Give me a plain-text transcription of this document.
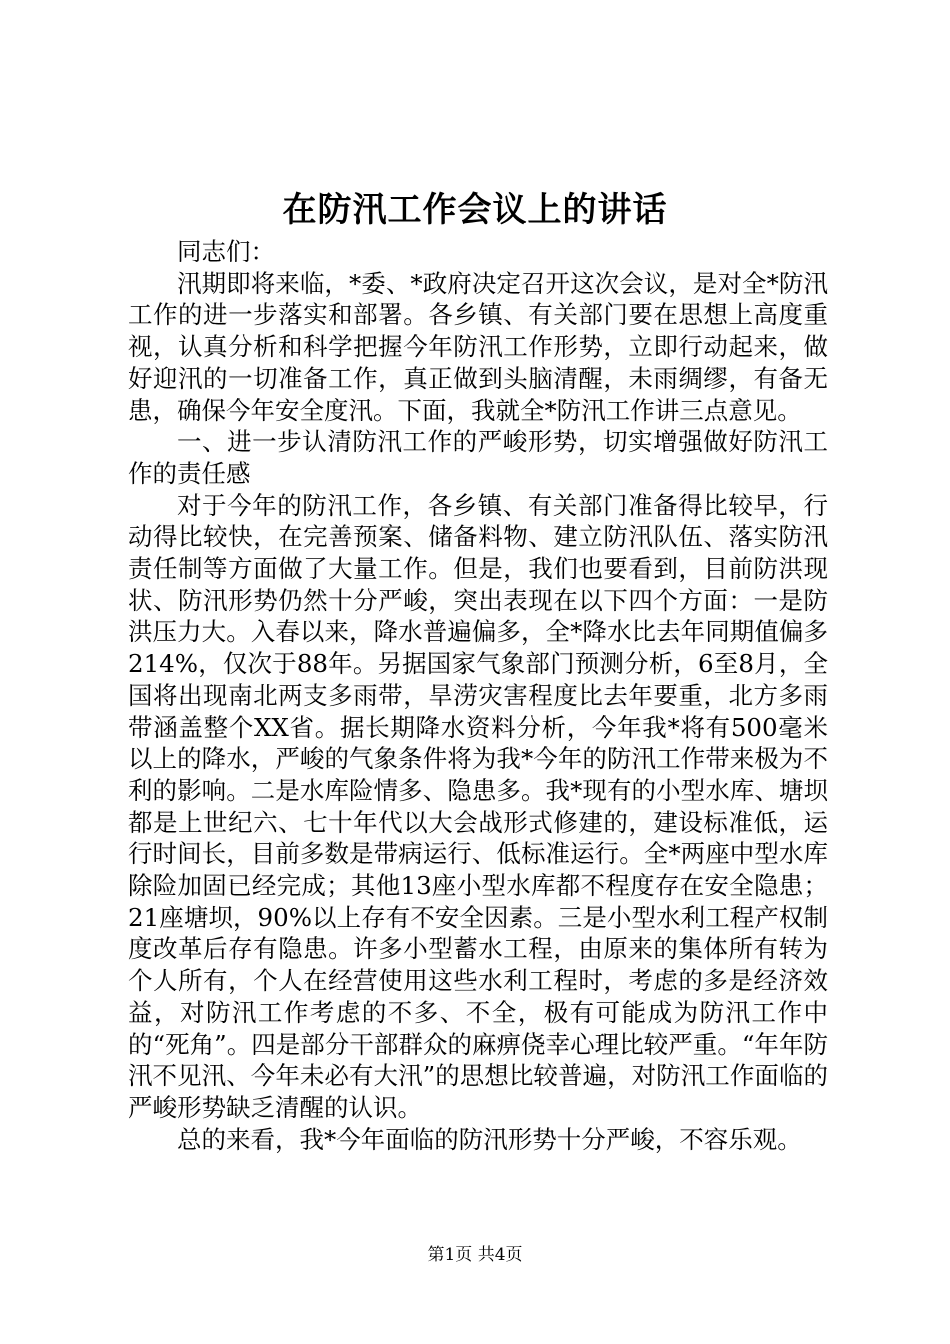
在防汛工作会议上的讲话

同志们：

汛期即将来临，*委、*政府决定召开这次会议，是对全*防汛工作的进一步落实和部署。各乡镇、有关部门要在思想上高度重视，认真分析和科学把握今年防汛工作形势，立即行动起来，做好迎汛的一切准备工作，真正做到头脑清醒，未雨绸缪，有备无患，确保今年安全度汛。下面，我就全*防汛工作讲三点意见。

一、进一步认清防汛工作的严峻形势，切实增强做好防汛工作的责任感

对于今年的防汛工作，各乡镇、有关部门准备得比较早，行动得比较快，在完善预案、储备料物、建立防汛队伍、落实防汛责任制等方面做了大量工作。但是，我们也要看到，目前防洪现状、防汛形势仍然十分严峻，突出表现在以下四个方面：一是防洪压力大。入春以来，降水普遍偏多，全*降水比去年同期值偏多214%，仅次于88年。另据国家气象部门预测分析，6至8月，全国将出现南北两支多雨带，旱涝灾害程度比去年要重，北方多雨带涵盖整个XX省。据长期降水资料分析，今年我*将有500毫米以上的降水，严峻的气象条件将为我*今年的防汛工作带来极为不利的影响。二是水库险情多、隐患多。我*现有的小型水库、塘坝都是上世纪六、七十年代以大会战形式修建的，建设标准低，运行时间长，目前多数是带病运行、低标准运行。全*两座中型水库除险加固已经完成；其他13座小型水库都不程度存在安全隐患；21座塘坝，90%以上存有不安全因素。三是小型水利工程产权制度改革后存有隐患。许多小型蓄水工程，由原来的集体所有转为个人所有，个人在经营使用这些水利工程时，考虑的多是经济效益，对防汛工作考虑的不多、不全，极有可能成为防汛工作中的“死角”。四是部分干部群众的麻痹侥幸心理比较严重。“年年防汛不见汛、今年未必有大汛”的思想比较普遍，对防汛工作面临的严峻形势缺乏清醒的认识。

总的来看，我*今年面临的防汛形势十分严峻，不容乐观。

第1页 共4页
